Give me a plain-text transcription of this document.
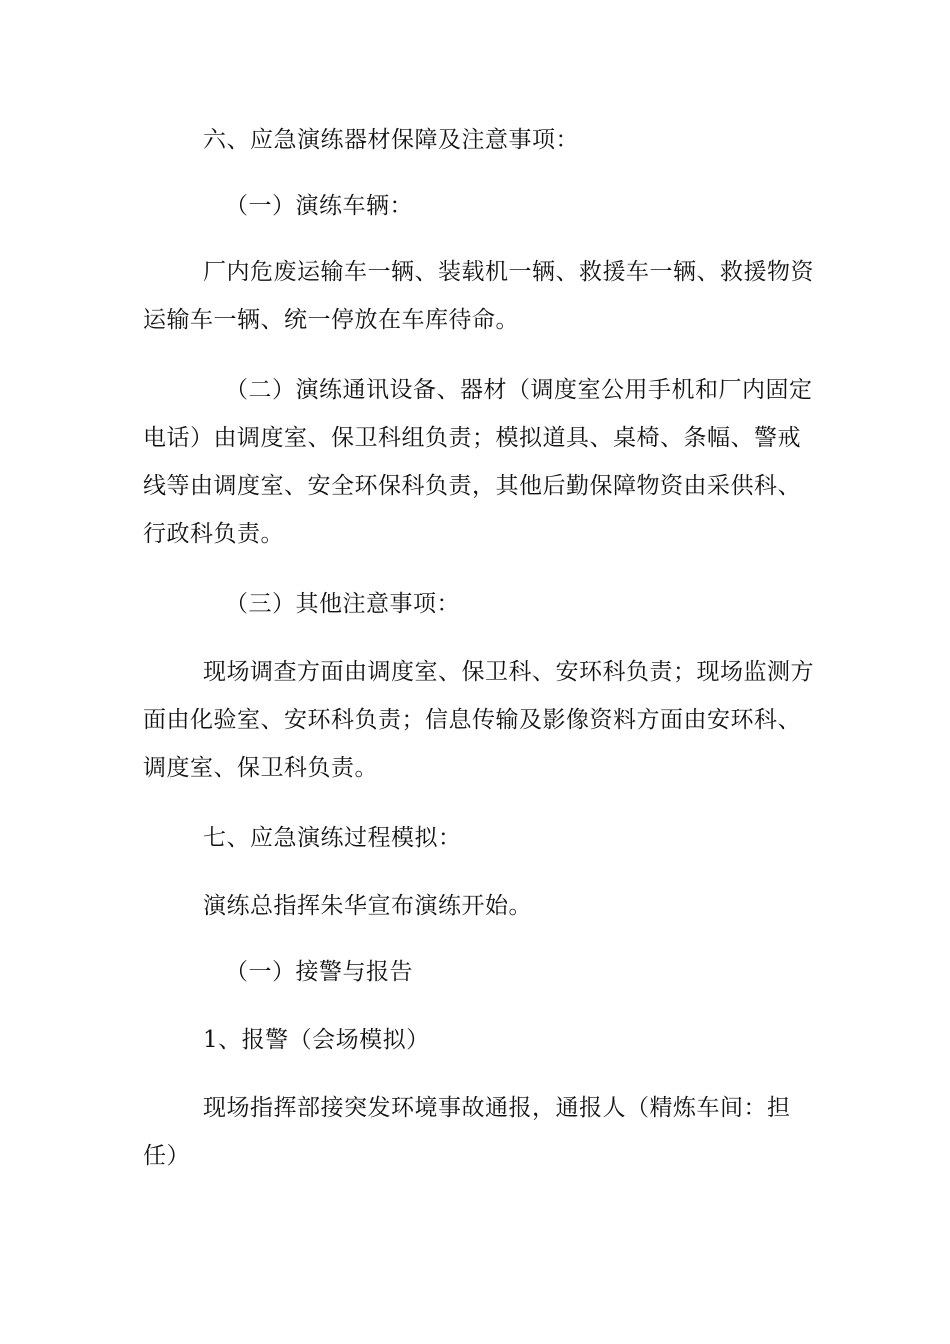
六、应急演练器材保障及注意事项：

（一）演练车辆：

厂内危废运输车一辆、装载机一辆、救援车一辆、救援物资运输车一辆、统一停放在车库待命。

（二）演练通讯设备、器材（调度室公用手机和厂内固定电话）由调度室、保卫科组负责；模拟道具、桌椅、条幅、警戒线等由调度室、安全环保科负责，其他后勤保障物资由采供科、行政科负责。

（三）其他注意事项：

现场调查方面由调度室、保卫科、安环科负责；现场监测方面由化验室、安环科负责；信息传输及影像资料方面由安环科、调度室、保卫科负责。

七、应急演练过程模拟：

演练总指挥朱华宣布演练开始。

（一）接警与报告

1、报警（会场模拟）

现场指挥部接突发环境事故通报，通报人（精炼车间：担任）
